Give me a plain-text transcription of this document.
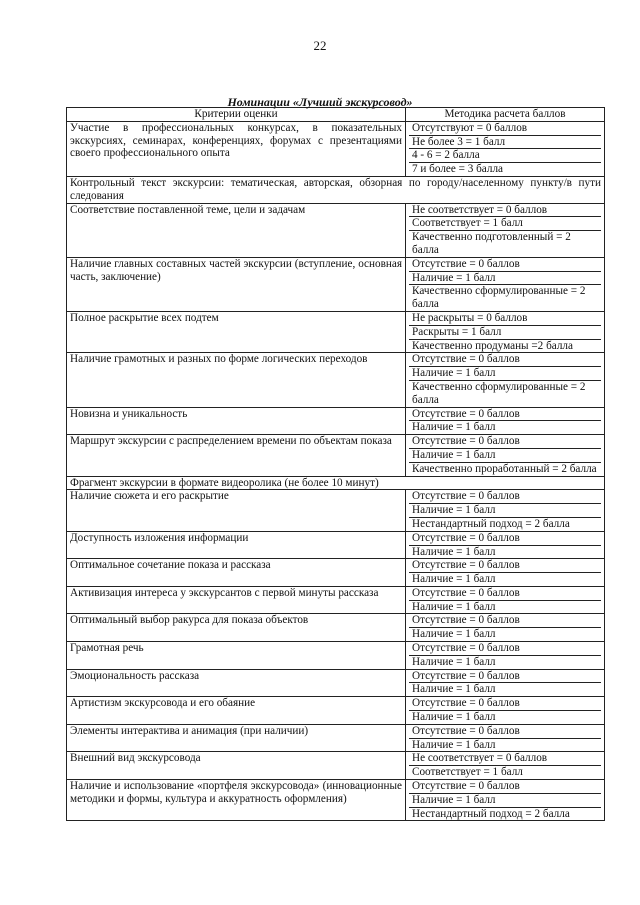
22
Номинации «Лучший экскурсовод»
Критерии оценки	Методика расчета баллов
Участие в профессиональных конкурсах, в показательных экскурсиях, семинарах, конференциях, форумах с презентациями своего профессионального опыта	Отсутствуют = 0 баллов
Не более 3 = 1 балл
4 - 6 = 2 балла
7 и более = 3 балла

Контрольный текст экскурсии: тематическая, авторская, обзорная по городу/населенному пункту/в пути следования	
Соответствие поставленной теме, цели и задачам	Не соответствует = 0 баллов
Соответствует = 1 балл
Качественно подготовленный = 2 балла

Наличие главных составных частей экскурсии (вступление, основная часть, заключение)	Отсутствие = 0 баллов
Наличие = 1 балл
Качественно сформулированные = 2 балла

Полное раскрытие всех подтем	Не раскрыты = 0 баллов
Раскрыты = 1 балл
Качественно продуманы =2 балла

Наличие грамотных и разных по форме логических переходов	Отсутствие = 0 баллов
Наличие = 1 балл
Качественно сформулированные = 2 балла

Новизна и уникальность	Отсутствие = 0 баллов
Наличие = 1 балл

Маршрут экскурсии с распределением времени по объектам показа	Отсутствие = 0 баллов
Наличие = 1 балл
Качественно проработанный = 2 балла

Фрагмент экскурсии в формате видеоролика (не более 10 минут)	
Наличие сюжета и его раскрытие	Отсутствие = 0 баллов
Наличие = 1 балл
Нестандартный подход = 2 балла

Доступность изложения информации	Отсутствие = 0 баллов
Наличие = 1 балл

Оптимальное сочетание показа и рассказа	Отсутствие = 0 баллов
Наличие = 1 балл

Активизация интереса у экскурсантов с первой минуты рассказа	Отсутствие = 0 баллов
Наличие = 1 балл

Оптимальный выбор ракурса для показа объектов	Отсутствие = 0 баллов
Наличие = 1 балл

Грамотная речь	Отсутствие = 0 баллов
Наличие = 1 балл

Эмоциональность рассказа	Отсутствие = 0 баллов
Наличие = 1 балл

Артистизм экскурсовода и его обаяние	Отсутствие = 0 баллов
Наличие = 1 балл

Элементы интерактива и анимация (при наличии)	Отсутствие = 0 баллов
Наличие = 1 балл

Внешний вид экскурсовода	Не соответствует = 0 баллов
Соответствует = 1 балл

Наличие и использование «портфеля экскурсовода» (инновационные методики и формы, культура и аккуратность оформления)	Отсутствие = 0 баллов
Наличие = 1 балл
Нестандартный подход = 2 балла
